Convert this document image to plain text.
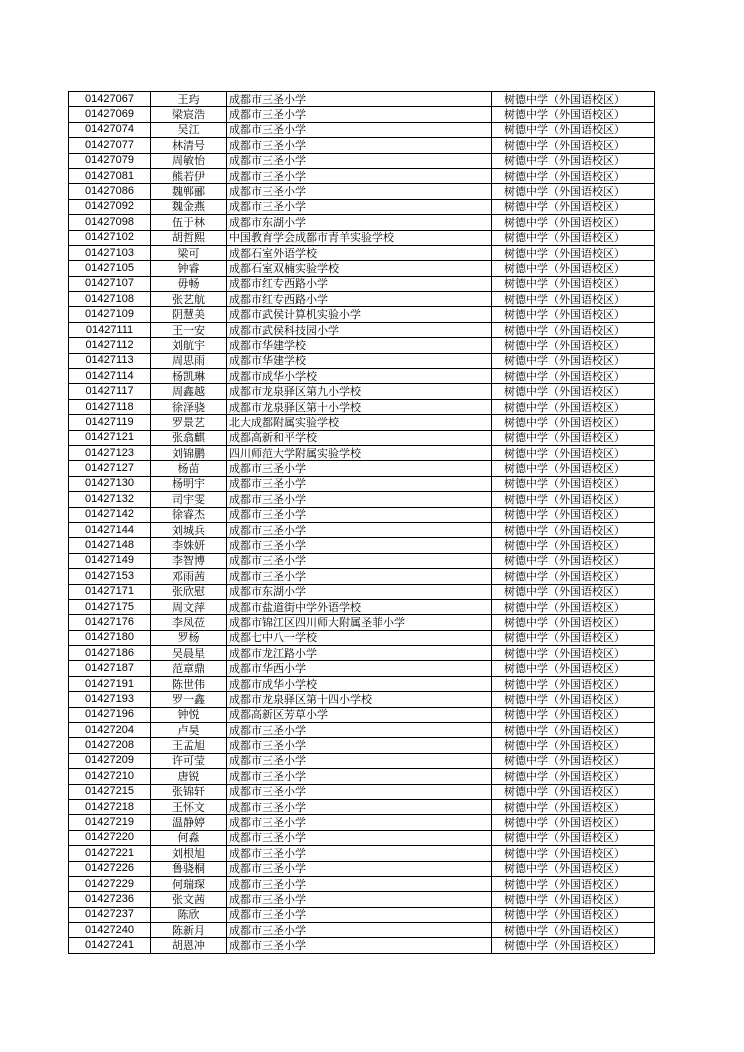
01427067	王玙	成都市三圣小学	树德中学（外国语校区）
01427069	梁宸浩	成都市三圣小学	树德中学（外国语校区）
01427074	吴江	成都市三圣小学	树德中学（外国语校区）
01427077	林清号	成都市三圣小学	树德中学（外国语校区）
01427079	周敏怡	成都市三圣小学	树德中学（外国语校区）
01427081	熊若伊	成都市三圣小学	树德中学（外国语校区）
01427086	魏郸郦	成都市三圣小学	树德中学（外国语校区）
01427092	魏金燕	成都市三圣小学	树德中学（外国语校区）
01427098	伍于林	成都市东湖小学	树德中学（外国语校区）
01427102	胡哲熙	中国教育学会成都市青羊实验学校	树德中学（外国语校区）
01427103	梁可	成都石室外语学校	树德中学（外国语校区）
01427105	钟睿	成都石室双楠实验学校	树德中学（外国语校区）
01427107	毋畅	成都市红专西路小学	树德中学（外国语校区）
01427108	张艺航	成都市红专西路小学	树德中学（外国语校区）
01427109	阴慧美	成都市武侯计算机实验小学	树德中学（外国语校区）
01427111	王一安	成都市武侯科技园小学	树德中学（外国语校区）
01427112	刘航宇	成都市华建学校	树德中学（外国语校区）
01427113	周思雨	成都市华建学校	树德中学（外国语校区）
01427114	杨凯琳	成都市成华小学校	树德中学（外国语校区）
01427117	周鑫越	成都市龙泉驿区第九小学校	树德中学（外国语校区）
01427118	徐泽骁	成都市龙泉驿区第十小学校	树德中学（外国语校区）
01427119	罗景艺	北大成都附属实验学校	树德中学（外国语校区）
01427121	张翕麒	成都高新和平学校	树德中学（外国语校区）
01427123	刘锦鹏	四川师范大学附属实验学校	树德中学（外国语校区）
01427127	杨苗	成都市三圣小学	树德中学（外国语校区）
01427130	杨明宇	成都市三圣小学	树德中学（外国语校区）
01427132	司宇雯	成都市三圣小学	树德中学（外国语校区）
01427142	徐睿杰	成都市三圣小学	树德中学（外国语校区）
01427144	刘城兵	成都市三圣小学	树德中学（外国语校区）
01427148	李姝妍	成都市三圣小学	树德中学（外国语校区）
01427149	李智博	成都市三圣小学	树德中学（外国语校区）
01427153	邓雨茜	成都市三圣小学	树德中学（外国语校区）
01427171	张欣慰	成都市东湖小学	树德中学（外国语校区）
01427175	周文萍	成都市盐道街中学外语学校	树德中学（外国语校区）
01427176	李凤莅	成都市锦江区四川师大附属圣菲小学	树德中学（外国语校区）
01427180	罗杨	成都七中八一学校	树德中学（外国语校区）
01427186	吴晨星	成都市龙江路小学	树德中学（外国语校区）
01427187	范章鼎	成都市华西小学	树德中学（外国语校区）
01427191	陈世伟	成都市成华小学校	树德中学（外国语校区）
01427193	罗一鑫	成都市龙泉驿区第十四小学校	树德中学（外国语校区）
01427196	钟悦	成都高新区芳草小学	树德中学（外国语校区）
01427204	卢昊	成都市三圣小学	树德中学（外国语校区）
01427208	王孟旭	成都市三圣小学	树德中学（外国语校区）
01427209	许可莹	成都市三圣小学	树德中学（外国语校区）
01427210	唐锐	成都市三圣小学	树德中学（外国语校区）
01427215	张锦轩	成都市三圣小学	树德中学（外国语校区）
01427218	王怀文	成都市三圣小学	树德中学（外国语校区）
01427219	温静婷	成都市三圣小学	树德中学（外国语校区）
01427220	何淼	成都市三圣小学	树德中学（外国语校区）
01427221	刘根旭	成都市三圣小学	树德中学（外国语校区）
01427226	鲁骁桐	成都市三圣小学	树德中学（外国语校区）
01427229	何瑞琛	成都市三圣小学	树德中学（外国语校区）
01427236	张文茜	成都市三圣小学	树德中学（外国语校区）
01427237	陈欣	成都市三圣小学	树德中学（外国语校区）
01427240	陈新月	成都市三圣小学	树德中学（外国语校区）
01427241	胡恩冲	成都市三圣小学	树德中学（外国语校区）
